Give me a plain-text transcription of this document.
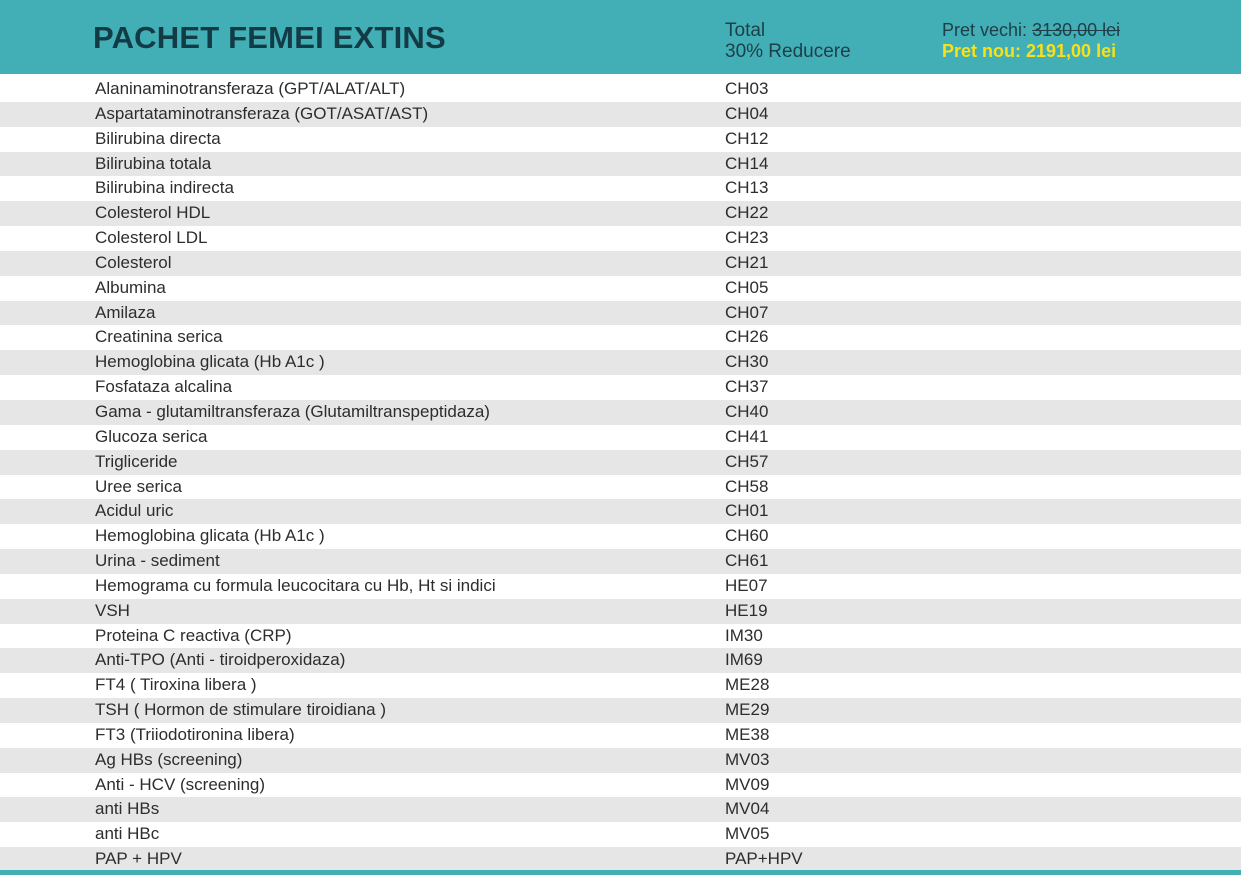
PACHET FEMEI EXTINS	Total
30% Reducere
Pret vechi: 3130,00 lei
Pret nou: 2191,00 lei
Alaninaminotransferaza (GPT/ALAT/ALT)	CH03
Aspartataminotransferaza (GOT/ASAT/AST)	CH04
Bilirubina directa	CH12
Bilirubina totala	CH14
Bilirubina indirecta	CH13
Colesterol HDL	CH22
Colesterol LDL	CH23
Colesterol	CH21
Albumina	CH05
Amilaza	CH07
Creatinina serica	CH26
Hemoglobina glicata (Hb A1c )	CH30
Fosfataza alcalina	CH37
Gama - glutamiltransferaza (Glutamiltranspeptidaza)	CH40
Glucoza serica	CH41
Trigliceride	CH57
Uree serica	CH58
Acidul uric	CH01
Hemoglobina glicata (Hb A1c )	CH60
Urina - sediment	CH61
Hemograma cu formula leucocitara cu Hb, Ht si indici	HE07
VSH	HE19
Proteina C reactiva (CRP)	IM30
Anti-TPO (Anti - tiroidperoxidaza)	IM69
FT4 ( Tiroxina libera )	ME28
TSH ( Hormon de stimulare tiroidiana )	ME29
FT3 (Triiodotironina libera)	ME38
Ag HBs (screening)	MV03
Anti - HCV (screening)	MV09
anti HBs	MV04
anti HBc	MV05
PAP + HPV	PAP+HPV
